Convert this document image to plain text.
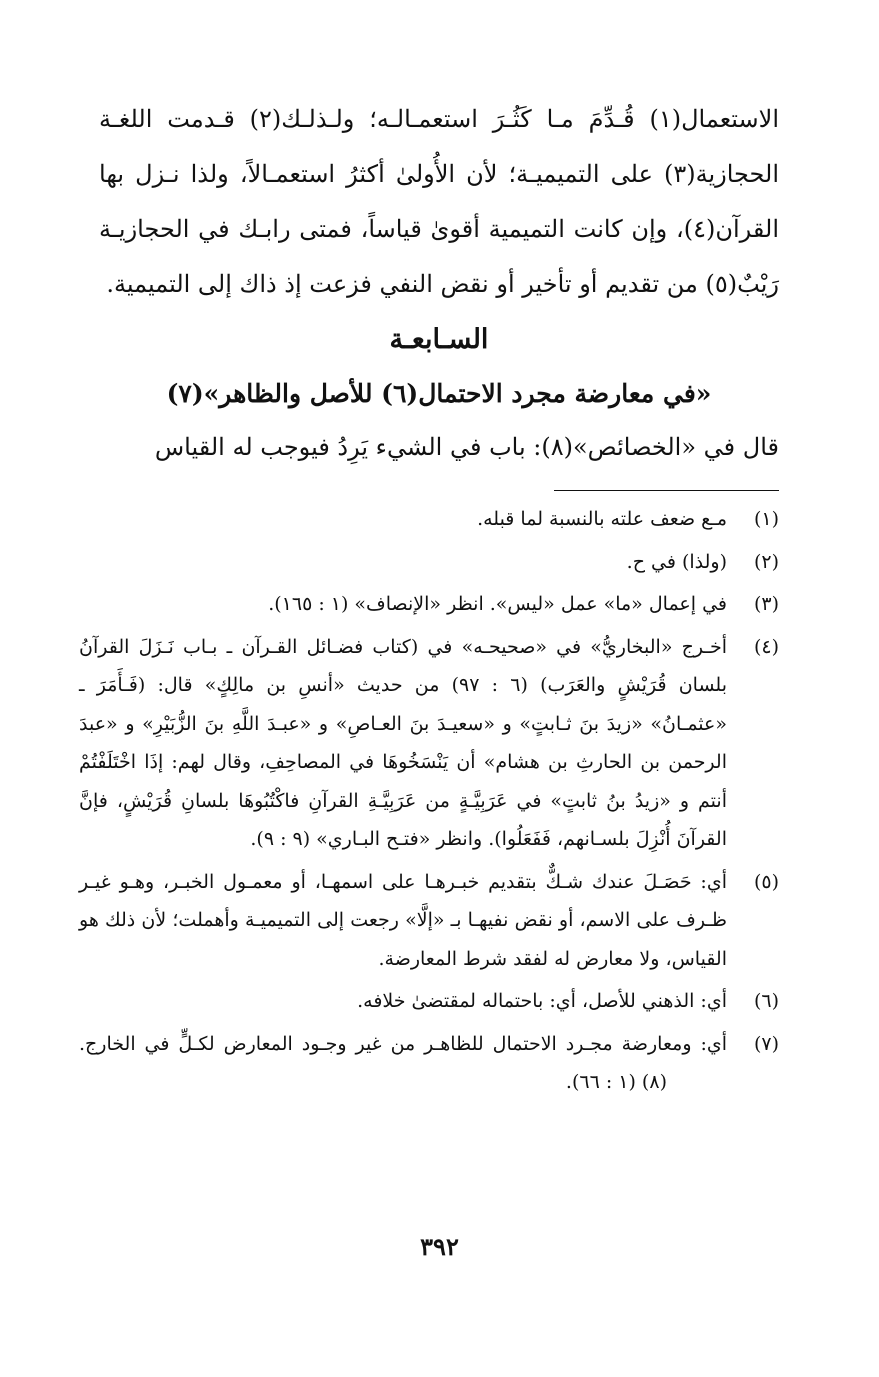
الاستعمال(١) قُـدِّمَ مـا كَثُـرَ استعمـالـه؛ ولـذلـك(٢) قـدمت اللغـة الحجازية(٣) على التميميـة؛ لأن الأُولىٰ أكثرُ استعمـالاً، ولذا نـزل بها القرآن(٤)، وإن كانت التميمية أقوىٰ قياساً، فمتى رابـك في الحجازيـة رَيْبٌ(٥) من تقديم أو تأخير أو نقض النفي فزعت إذ ذاك إلى التميمية.

السـابعـة

«في معارضة مجرد الاحتمال(٦) للأصل والظاهر»(٧)

قال في «الخصائص»(٨): باب في الشيء يَرِدُ فيوجب له القياس

(١)
مـع ضعف علته بالنسبة لما قبله.
(٢)
(ولذا) في ح.
(٣)
في إعمال «ما» عمل «ليس». انظر «الإنصاف» (١ : ١٦٥).
(٤)
أخـرج «البخاريُّ» في «صحيحـه» في (كتاب فضـائل القـرآن ـ بـاب نَـزَلَ القرآنُ بلسان قُرَيْشٍ والعَرَب) (٦ : ٩٧) من حديث «أنسِ بن مالِكٍ» قال: (فَـأَمَرَ ـ «عثمـانُ» «زيدَ بنَ ثـابتٍ» و «سعيـدَ بنَ العـاصِ» و «عبـدَ اللَّهِ بنَ الزُّبَيْرِ» و «عبدَ الرحمن بن الحارثِ بن هشام» أن يَنْسَخُوهَا في المصاحِفِ، وقال لهم: إذَا اخْتَلَفْتُمْ أنتم و «زيدُ بنُ ثابتٍ» في عَرَبِيَّـةٍ من عَرَبِيَّـةِ القرآنِ فاكْتُبُوهَا بلسانِ قُرَيْشٍ، فإنَّ القرآنَ أُنْزِلَ بلسـانهم، فَفَعَلُوا). وانظر «فتـح البـاري» (٩ : ٩).
(٥)
أي: حَصَـلَ عندك شـكٌّ بتقديم خبـرهـا على اسمهـا، أو معمـول الخبـر، وهـو غيـر ظـرف على الاسم، أو نقض نفيهـا بـ «إلَّا» رجعت إلى التميميـة وأهملت؛ لأن ذلك هو القياس، ولا معارض له لفقد شرط المعارضة.
(٦)
أي: الذهني للأصل، أي: باحتماله لمقتضىٰ خلافه.
(٧)
أي: ومعارضة مجـرد الاحتمال للظاهـر من غير وجـود المعارض لكـلٍّ في الخارج. (٨) (١ : ٦٦).
٣٩٢
